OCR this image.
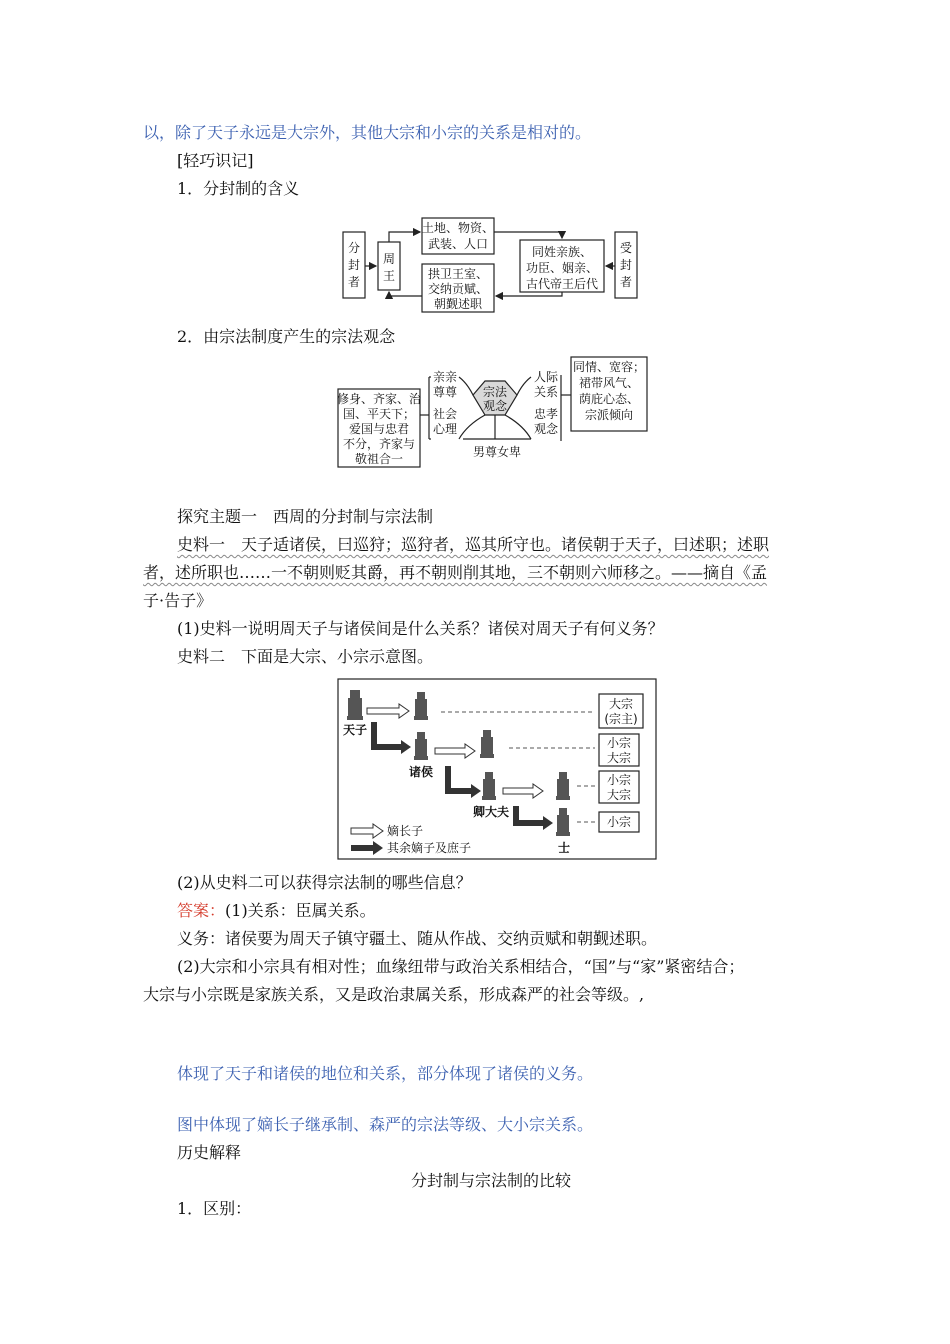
以，除了天子永远是大宗外，其他大宗和小宗的关系是相对的。
[轻巧识记]
1．分封制的含义
分
封
者
周
王
土地、物资、
武装、人口
拱卫王室、
交纳贡赋、
朝觐述职
同姓亲族、
功臣、姻亲、
古代帝王后代
受
封
者
2．由宗法制度产生的宗法观念
修身、齐家、治
国、平天下；
爱国与忠君
不分，齐家与
敬祖合一
亲亲
尊尊
社会
心理
宗法
观念
人际
关系
忠孝
观念
同情、宽容；
裙带风气、
荫庇心态、
宗派倾向
男尊女卑
探究主题一　西周的分封制与宗法制
史料一　天子适诸侯，曰巡狩；巡狩者，巡其所守也。诸侯朝于天子，曰述职；述职
者，述所职也……一不朝则贬其爵，再不朝则削其地，三不朝则六师移之。——摘自《孟
子·告子》
(1)史料一说明周天子与诸侯间是什么关系？诸侯对周天子有何义务？
史料二　下面是大宗、小宗示意图。
大宗
(宗主)
小宗
大宗
小宗
大宗
小宗
天子
诸侯
卿大夫
士
嫡长子
其余嫡子及庶子
(2)从史料二可以获得宗法制的哪些信息？
答案：(1)关系：臣属关系。
义务：诸侯要为周天子镇守疆土、随从作战、交纳贡赋和朝觐述职。
(2)大宗和小宗具有相对性；血缘纽带与政治关系相结合，“国”与“家”紧密结合；
大宗与小宗既是家族关系，又是政治隶属关系，形成森严的社会等级。,
体现了天子和诸侯的地位和关系，部分体现了诸侯的义务。
图中体现了嫡长子继承制、森严的宗法等级、大小宗关系。
历史解释
分封制与宗法制的比较
1．区别：
